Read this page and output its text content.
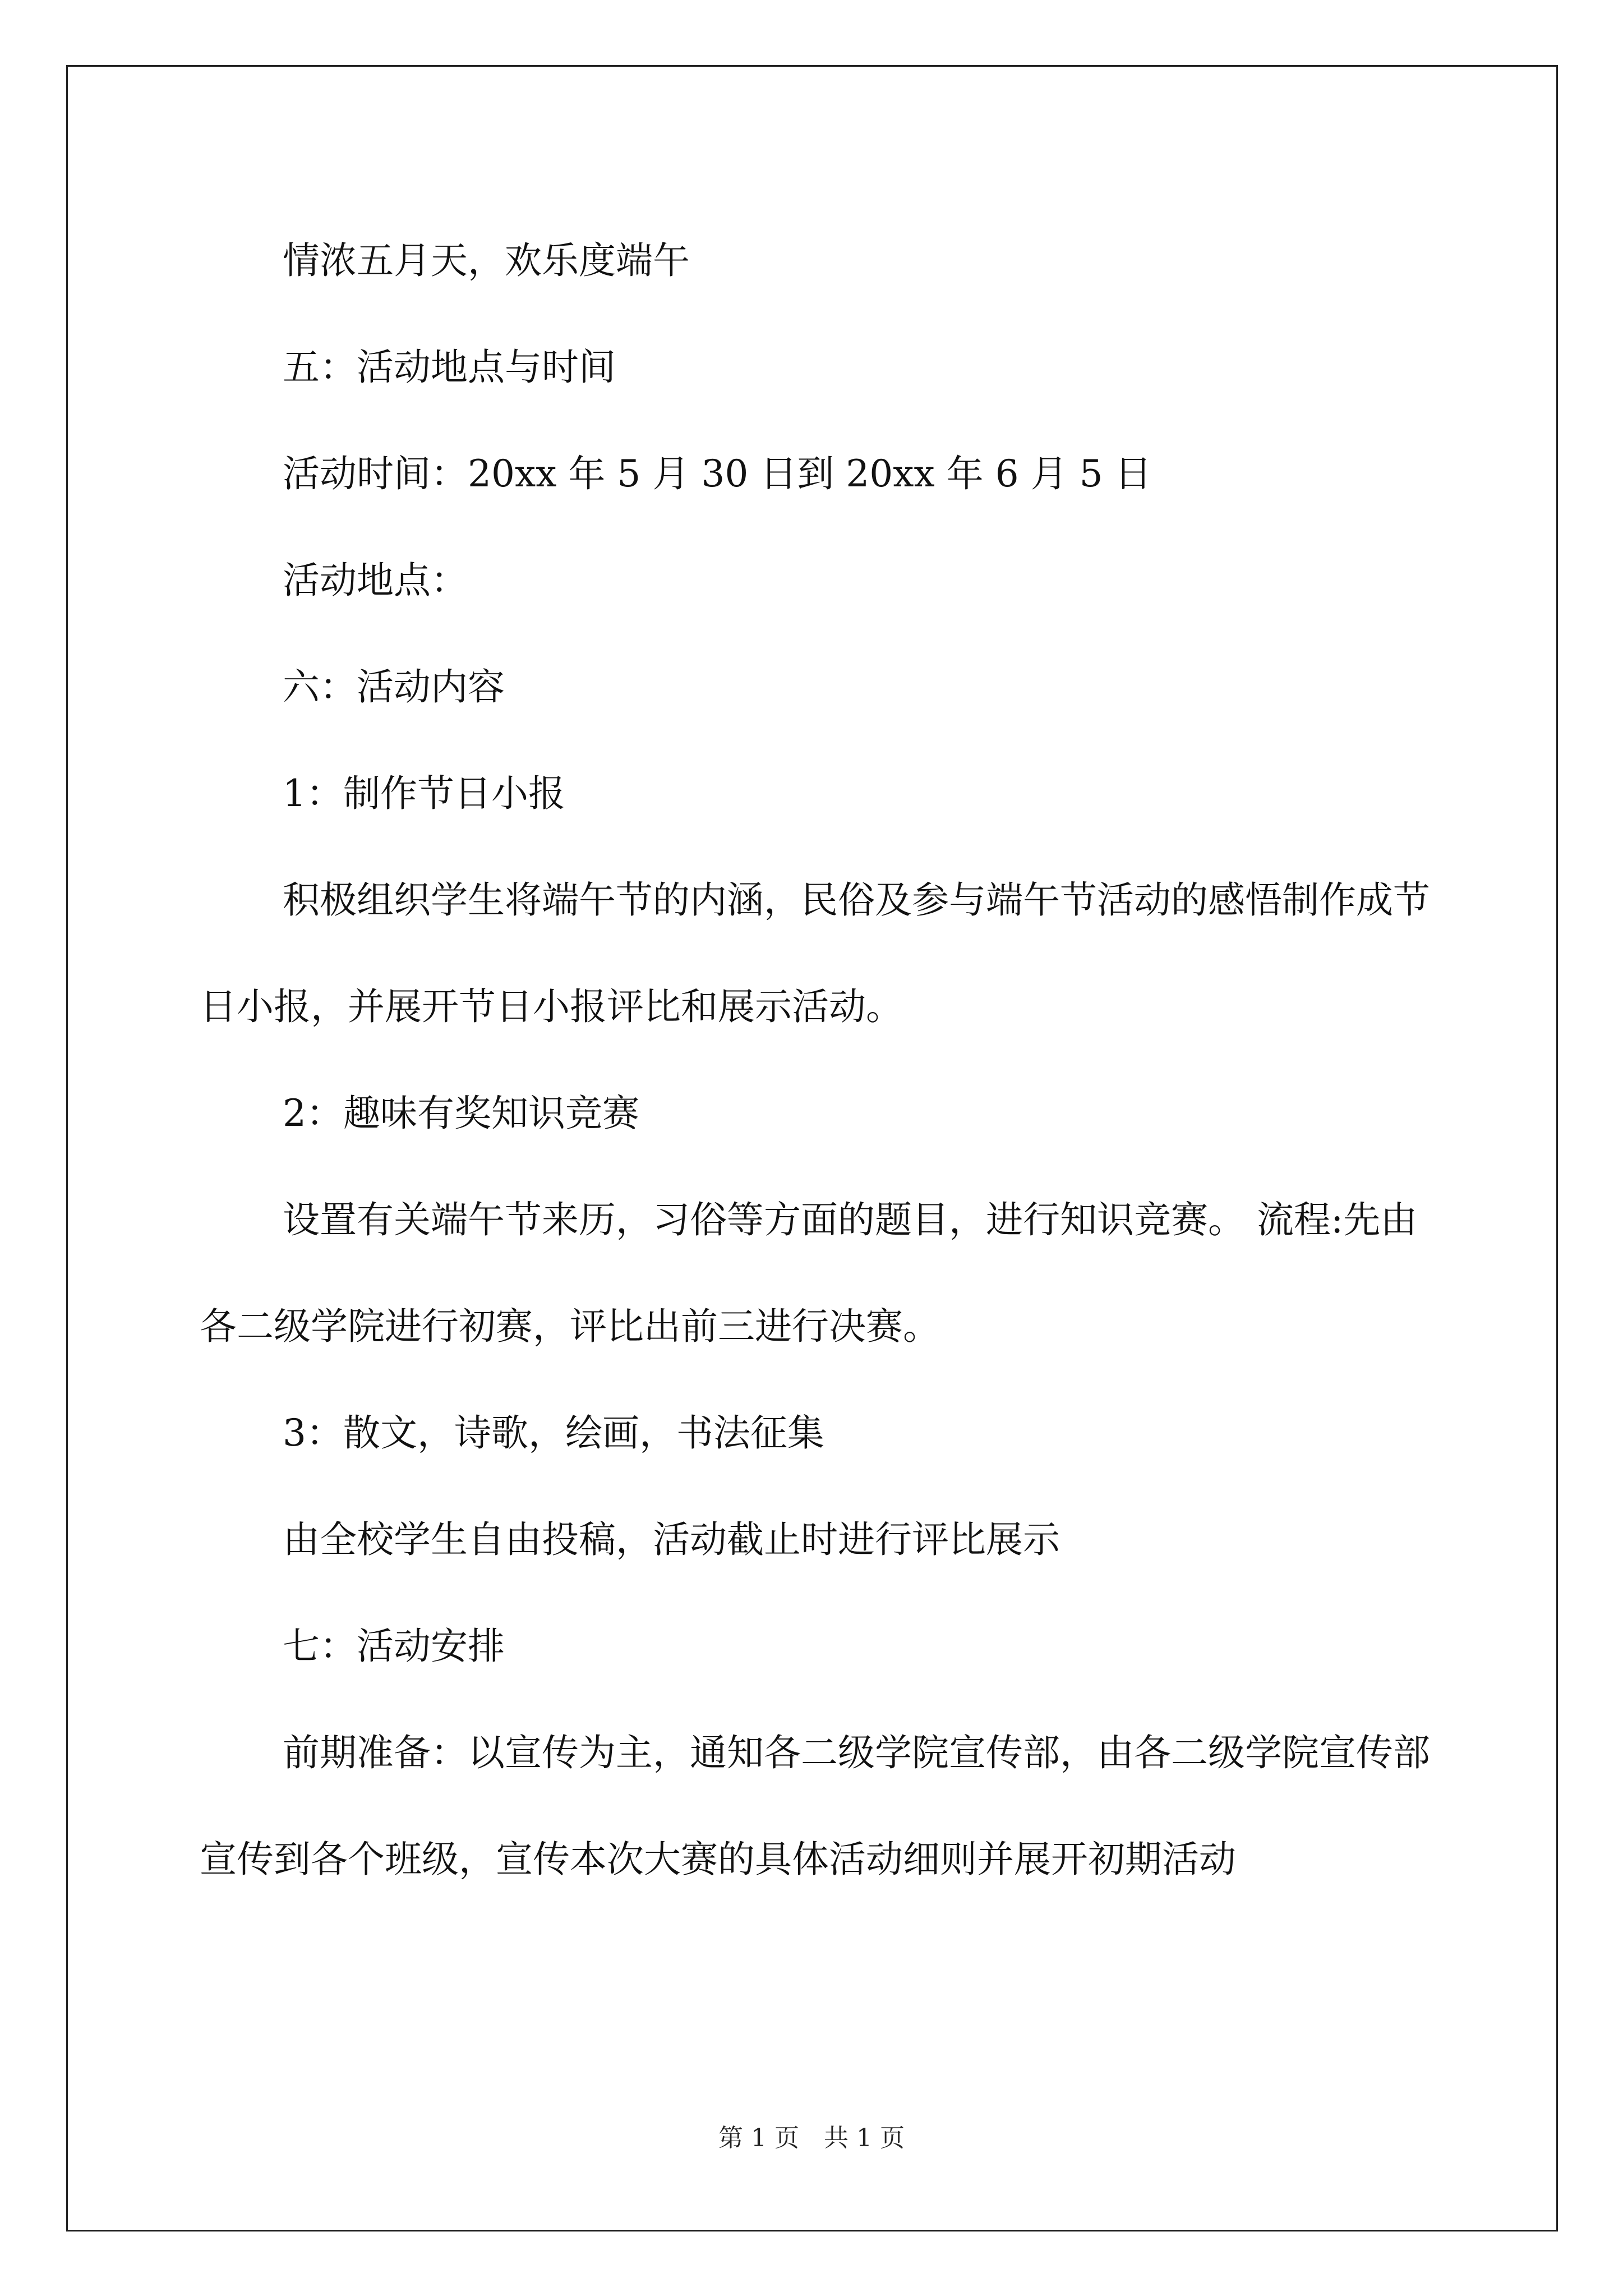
情浓五月天，欢乐度端午

五：活动地点与时间

活动时间：20xx 年 5 月 30 日到 20xx 年 6 月 5 日

活动地点：

六：活动内容

1：制作节日小报

积极组织学生将端午节的内涵，民俗及参与端午节活动的感悟制作成节日小报，并展开节日小报评比和展示活动。

2：趣味有奖知识竞赛

设置有关端午节来历，习俗等方面的题目，进行知识竞赛。 流程:先由各二级学院进行初赛，评比出前三进行决赛。

3：散文，诗歌，绘画，书法征集

由全校学生自由投稿，活动截止时进行评比展示

七：活动安排

前期准备：以宣传为主，通知各二级学院宣传部，由各二级学院宣传部宣传到各个班级，宣传本次大赛的具体活动细则并展开初期活动

第 1 页　共 1 页
